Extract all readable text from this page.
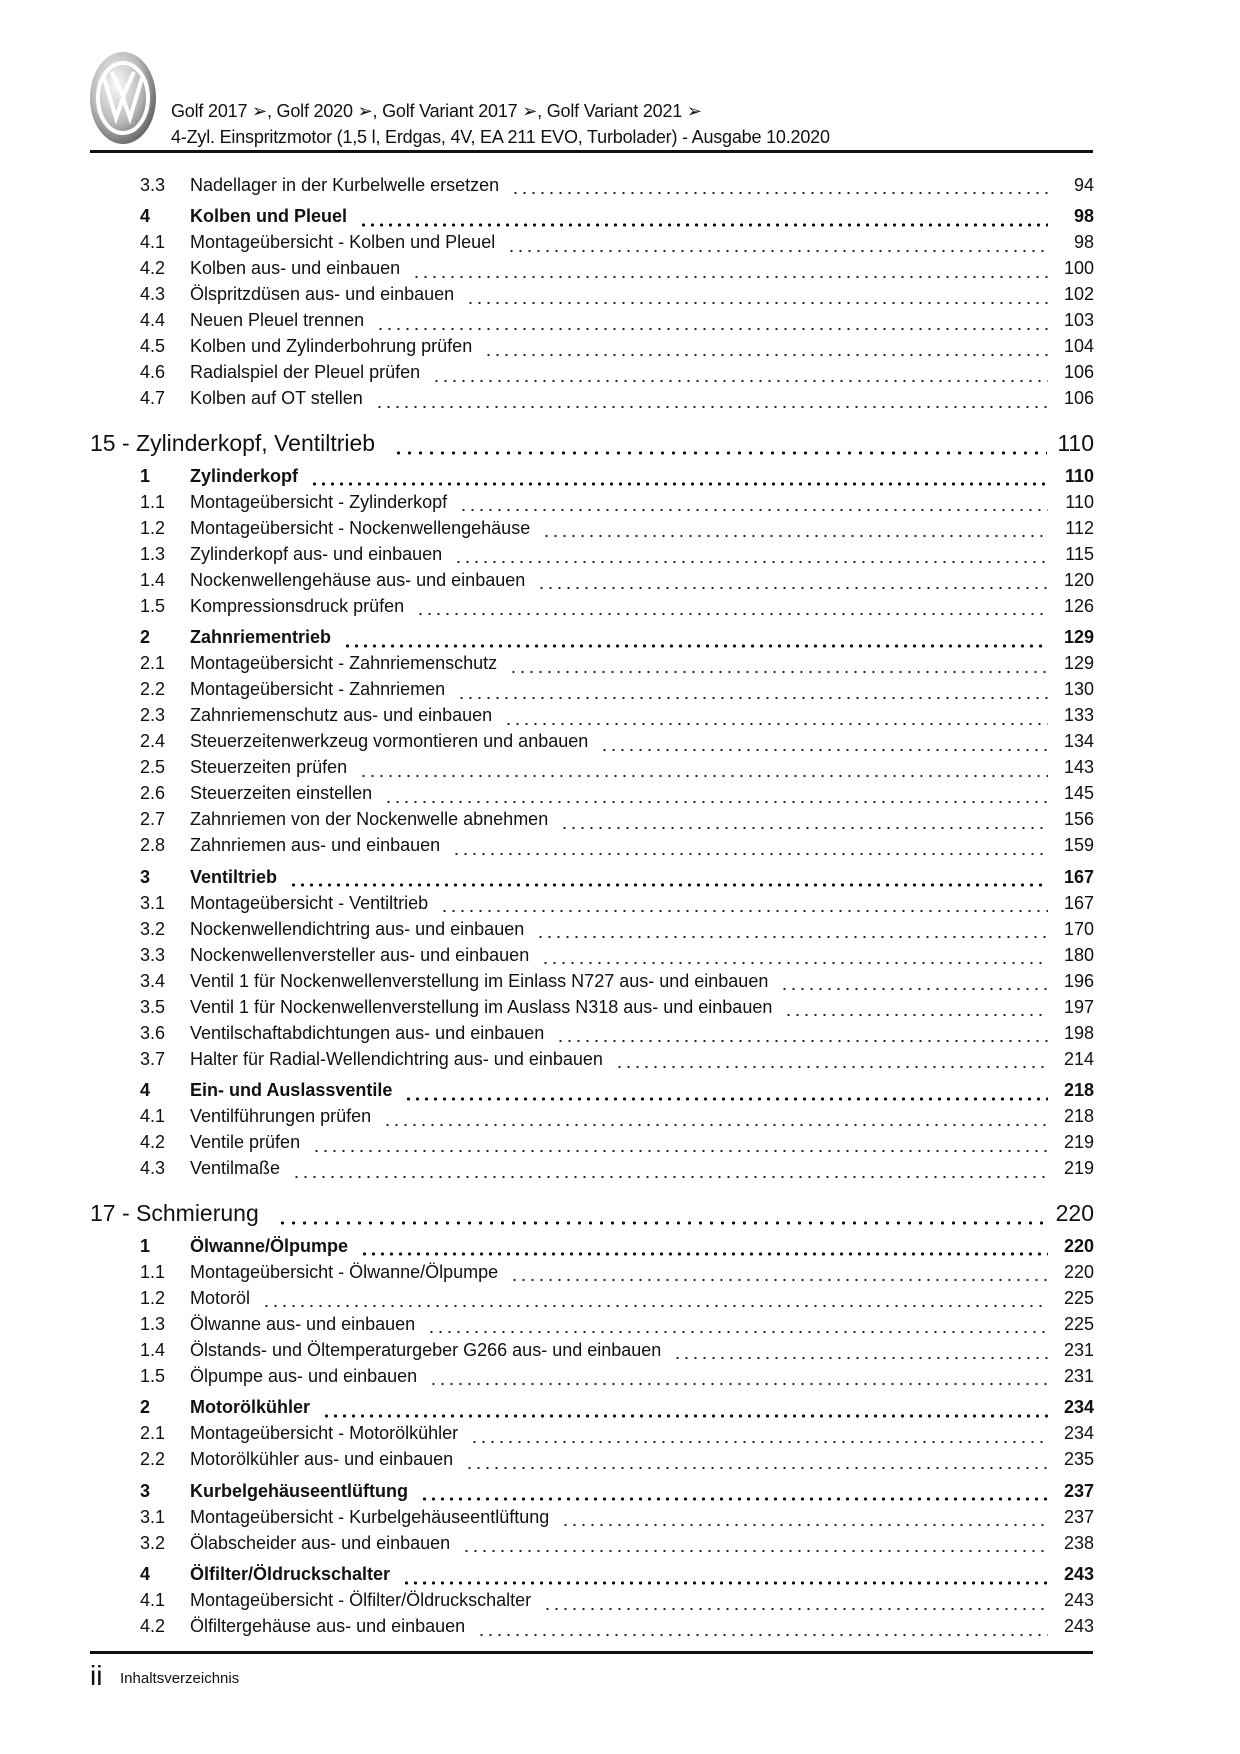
Golf 2017 ➢, Golf 2020 ➢, Golf Variant 2017 ➢, Golf Variant 2021 ➢
4-Zyl. Einspritzmotor (1,5 l, Erdgas, 4V, EA 211 EVO, Turbolader) - Ausgabe 10.2020
3.3	Nadellager in der Kurbelwelle ersetzen	94
4	Kolben und Pleuel	98
4.1	Montageübersicht - Kolben und Pleuel	98
4.2	Kolben aus- und einbauen	100
4.3	Ölspritzdüsen aus- und einbauen	102
4.4	Neuen Pleuel trennen	103
4.5	Kolben und Zylinderbohrung prüfen	104
4.6	Radialspiel der Pleuel prüfen	106
4.7	Kolben auf OT stellen	106
15 - Zylinderkopf, Ventiltrieb	110
1	Zylinderkopf	110
1.1	Montageübersicht - Zylinderkopf	110
1.2	Montageübersicht - Nockenwellengehäuse	112
1.3	Zylinderkopf aus- und einbauen	115
1.4	Nockenwellengehäuse aus- und einbauen	120
1.5	Kompressionsdruck prüfen	126
2	Zahnriementrieb	129
2.1	Montageübersicht - Zahnriemenschutz	129
2.2	Montageübersicht - Zahnriemen	130
2.3	Zahnriemenschutz aus- und einbauen	133
2.4	Steuerzeitenwerkzeug vormontieren und anbauen	134
2.5	Steuerzeiten prüfen	143
2.6	Steuerzeiten einstellen	145
2.7	Zahnriemen von der Nockenwelle abnehmen	156
2.8	Zahnriemen aus- und einbauen	159
3	Ventiltrieb	167
3.1	Montageübersicht - Ventiltrieb	167
3.2	Nockenwellendichtring aus- und einbauen	170
3.3	Nockenwellenversteller aus- und einbauen	180
3.4	Ventil 1 für Nockenwellenverstellung im Einlass N727 aus- und einbauen	196
3.5	Ventil 1 für Nockenwellenverstellung im Auslass N318 aus- und einbauen	197
3.6	Ventilschaftabdichtungen aus- und einbauen	198
3.7	Halter für Radial-Wellendichtring aus- und einbauen	214
4	Ein- und Auslassventile	218
4.1	Ventilführungen prüfen	218
4.2	Ventile prüfen	219
4.3	Ventilmaße	219
17 - Schmierung	220
1	Ölwanne/Ölpumpe	220
1.1	Montageübersicht - Ölwanne/Ölpumpe	220
1.2	Motoröl	225
1.3	Ölwanne aus- und einbauen	225
1.4	Ölstands- und Öltemperaturgeber G266 aus- und einbauen	231
1.5	Ölpumpe aus- und einbauen	231
2	Motorölkühler	234
2.1	Montageübersicht - Motorölkühler	234
2.2	Motorölkühler aus- und einbauen	235
3	Kurbelgehäuseentlüftung	237
3.1	Montageübersicht - Kurbelgehäuseentlüftung	237
3.2	Ölabscheider aus- und einbauen	238
4	Ölfilter/Öldruckschalter	243
4.1	Montageübersicht - Ölfilter/Öldruckschalter	243
4.2	Ölfiltergehäuse aus- und einbauen	243
ii Inhaltsverzeichnis
